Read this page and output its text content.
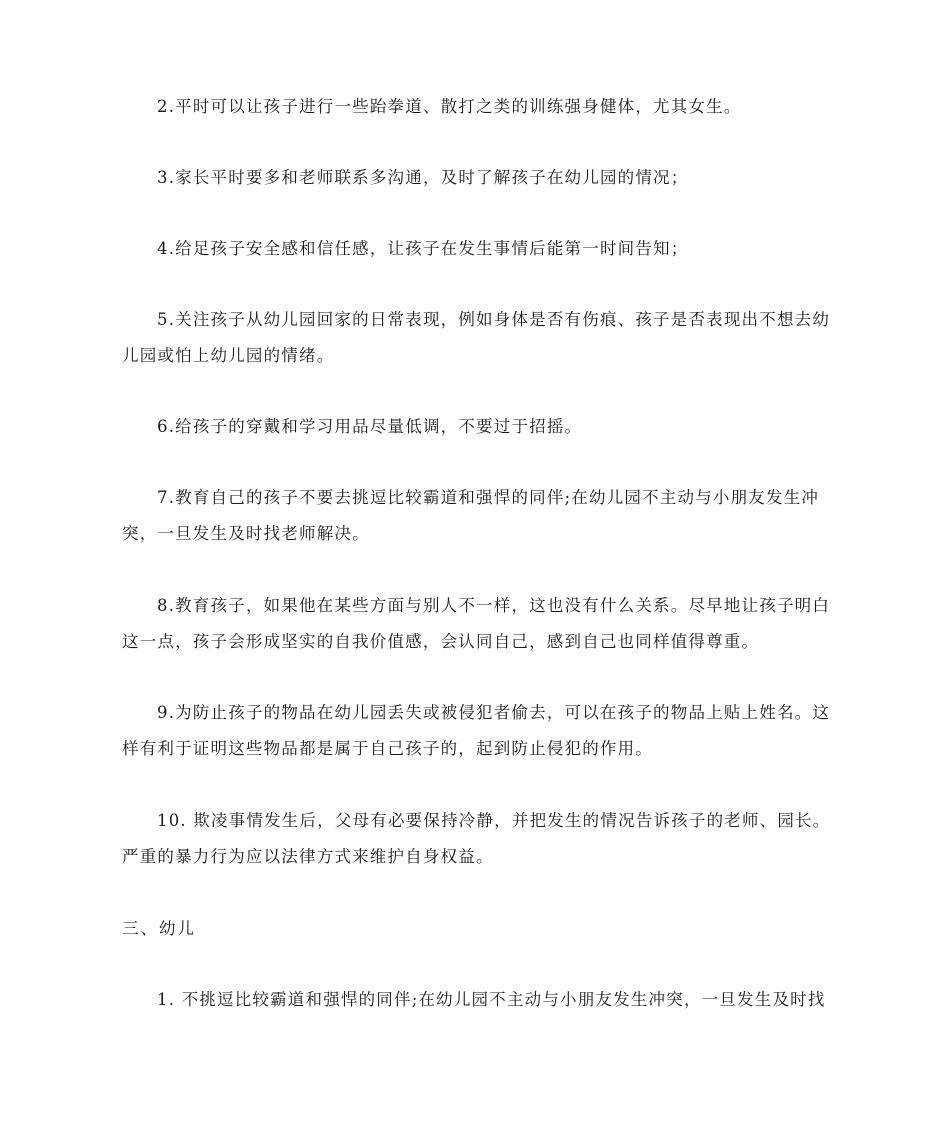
2.平时可以让孩子进行一些跆拳道、散打之类的训练强身健体，尤其女生。

3.家长平时要多和老师联系多沟通，及时了解孩子在幼儿园的情况；

4.给足孩子安全感和信任感，让孩子在发生事情后能第一时间告知；

5.关注孩子从幼儿园回家的日常表现，例如身体是否有伤痕、孩子是否表现出不想去幼儿园或怕上幼儿园的情绪。

6.给孩子的穿戴和学习用品尽量低调，不要过于招摇。

7.教育自己的孩子不要去挑逗比较霸道和强悍的同伴;在幼儿园不主动与小朋友发生冲突，一旦发生及时找老师解决。

8.教育孩子，如果他在某些方面与别人不一样，这也没有什么关系。尽早地让孩子明白这一点，孩子会形成坚实的自我价值感，会认同自己，感到自己也同样值得尊重。

9.为防止孩子的物品在幼儿园丢失或被侵犯者偷去，可以在孩子的物品上贴上姓名。这样有利于证明这些物品都是属于自己孩子的，起到防止侵犯的作用。

10. 欺凌事情发生后，父母有必要保持冷静，并把发生的情况告诉孩子的老师、园长。严重的暴力行为应以法律方式来维护自身权益。

三、幼儿

1. 不挑逗比较霸道和强悍的同伴;在幼儿园不主动与小朋友发生冲突，一旦发生及时找
